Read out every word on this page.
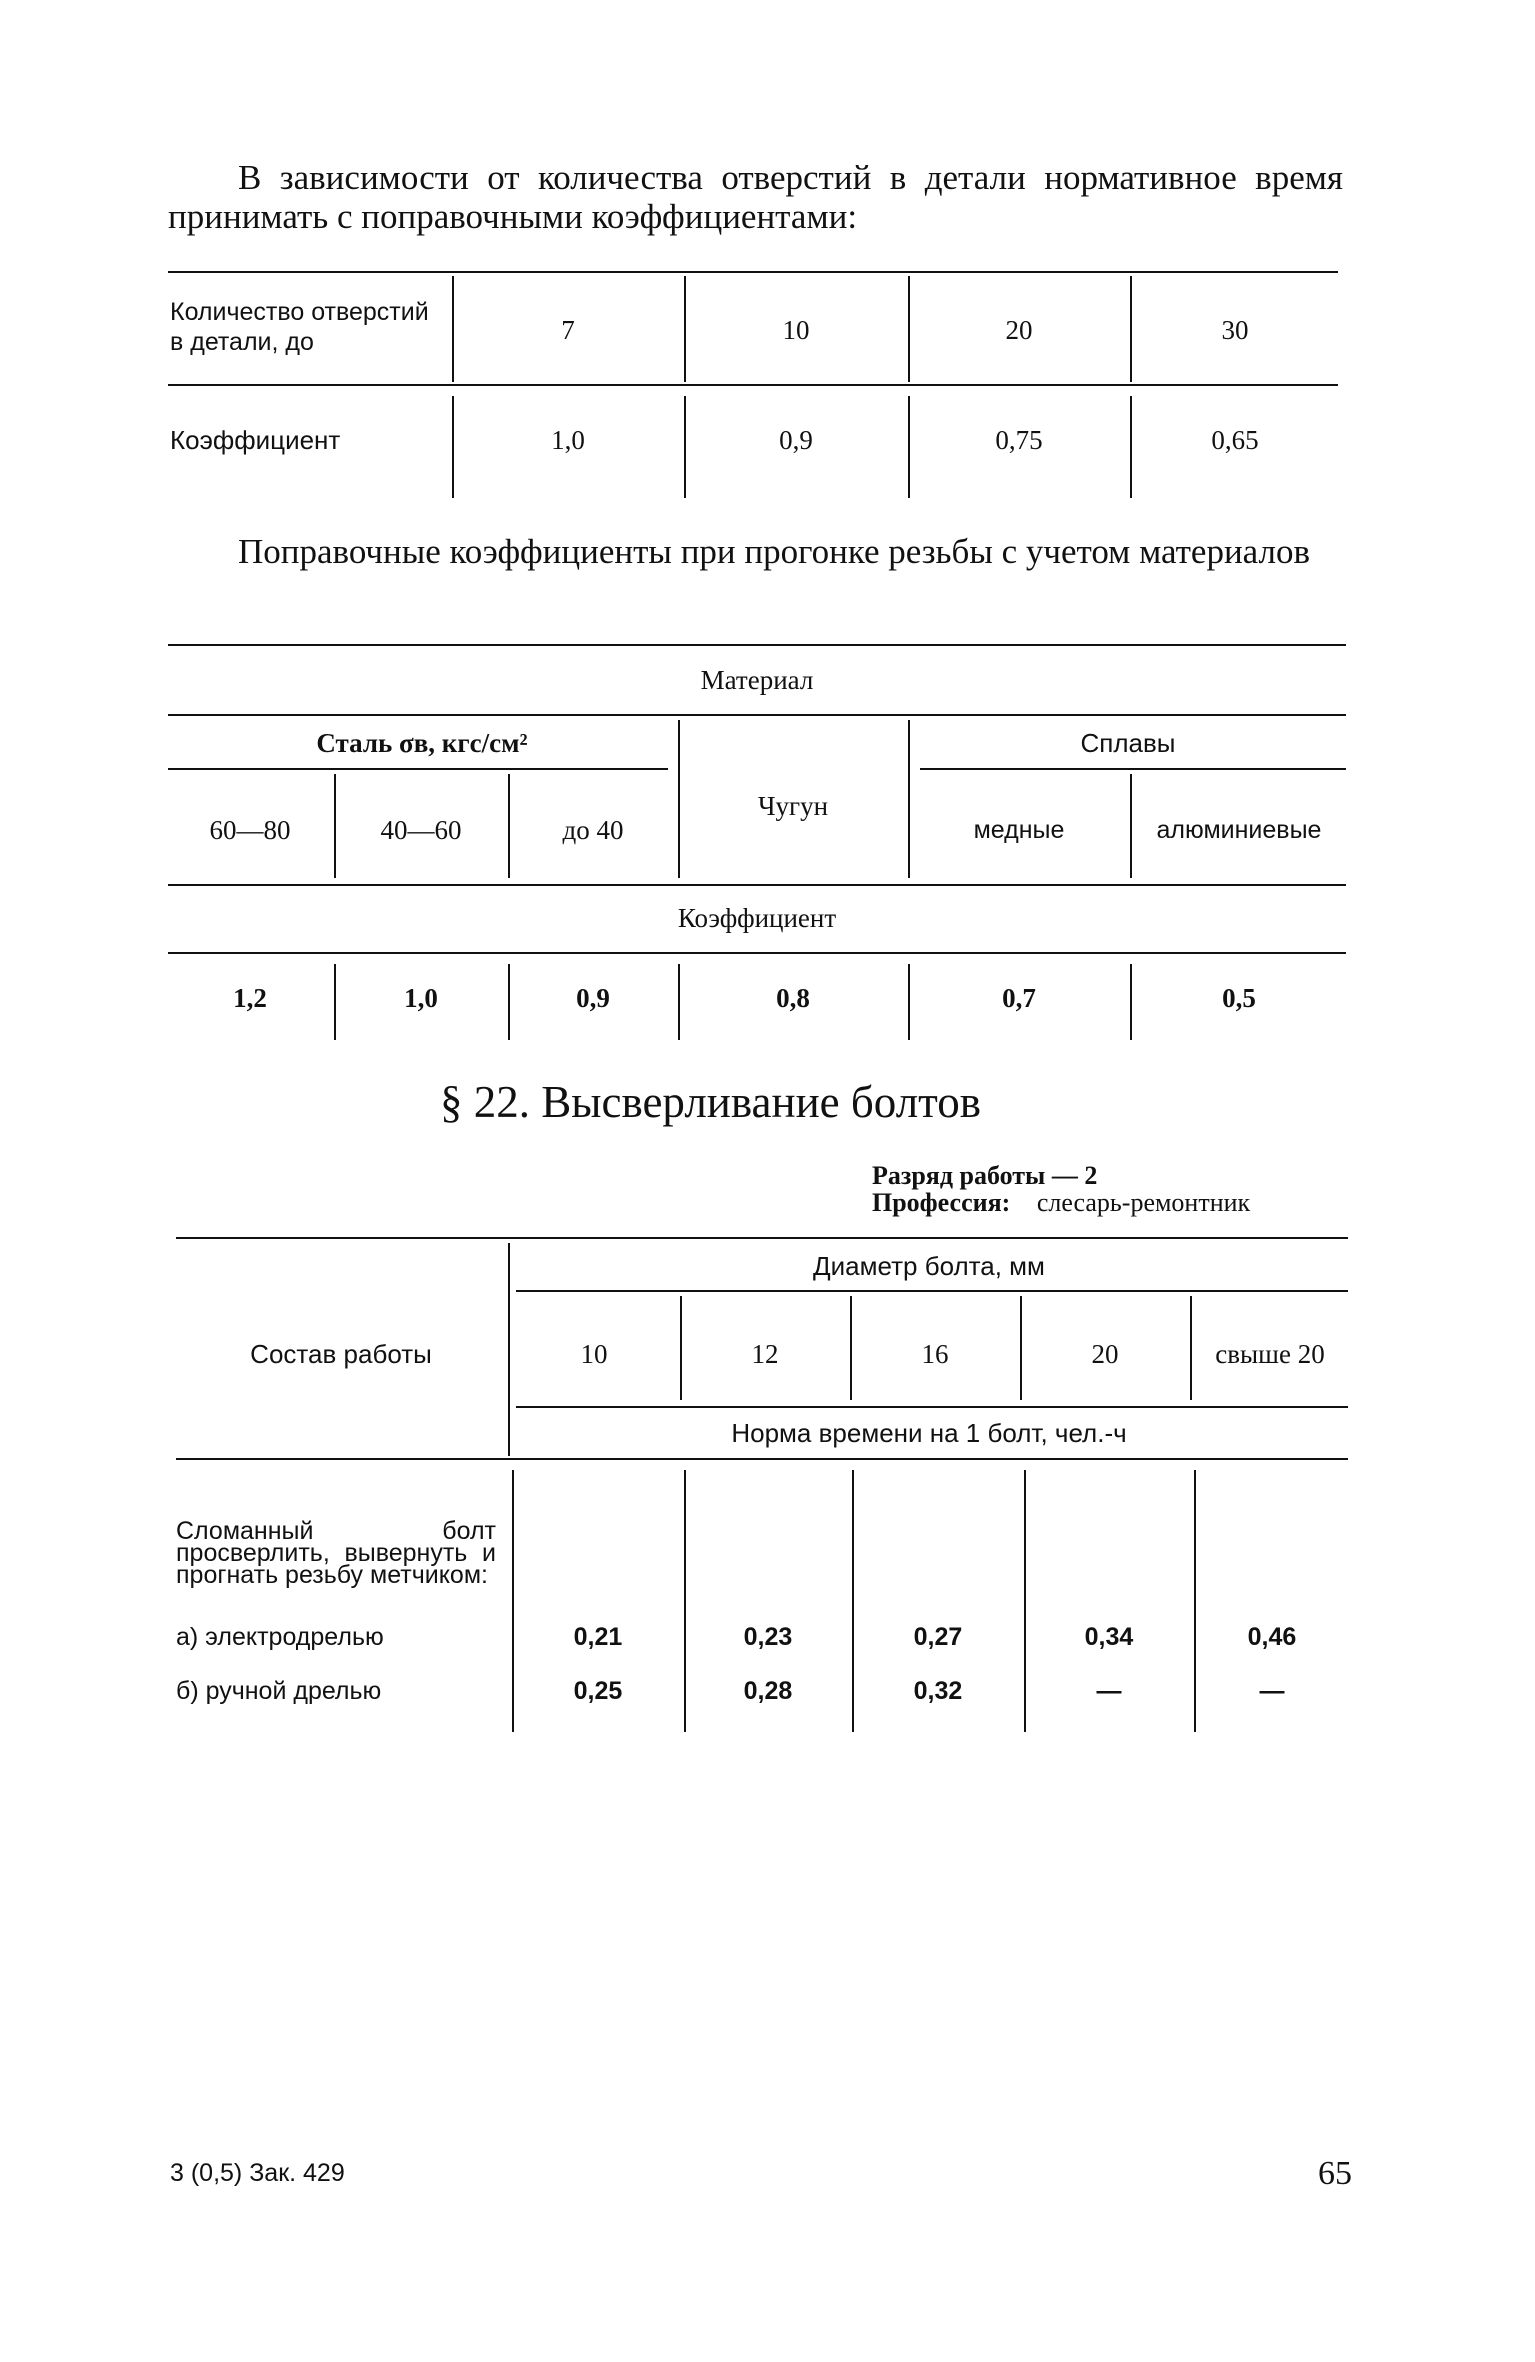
В зависимости от количества отверстий в детали нормативное время принимать с поправочными коэффициентами:
Количество отверстий в детали, до	7	10	20	30
Коэффициент	1,0	0,9	0,75	0,65
Поправочные коэффициенты при прогонке резьбы с учетом материалов
Материал
Сталь σв, кгс/см²	Сплавы
60—80	40—60	до 40
Чугун
медные	алюминиевые
Коэффициент
1,2	1,0	0,9	0,8	0,7	0,5
§ 22. Высверливание болтов
Разряд работы — 2
Профессия: слесарь-ремонтник
Состав работы
Диаметр болта, мм
10	12	16	20	свыше 20
Норма времени на 1 болт, чел.-ч
Сломанный болт просверлить, вывернуть и прогнать резьбу метчиком:
а) электродрелью	0,21	0,23	0,27	0,34	0,46
б) ручной дрелью	0,25	0,28	0,32	—	—
3 (0,5) Зак. 429	65
